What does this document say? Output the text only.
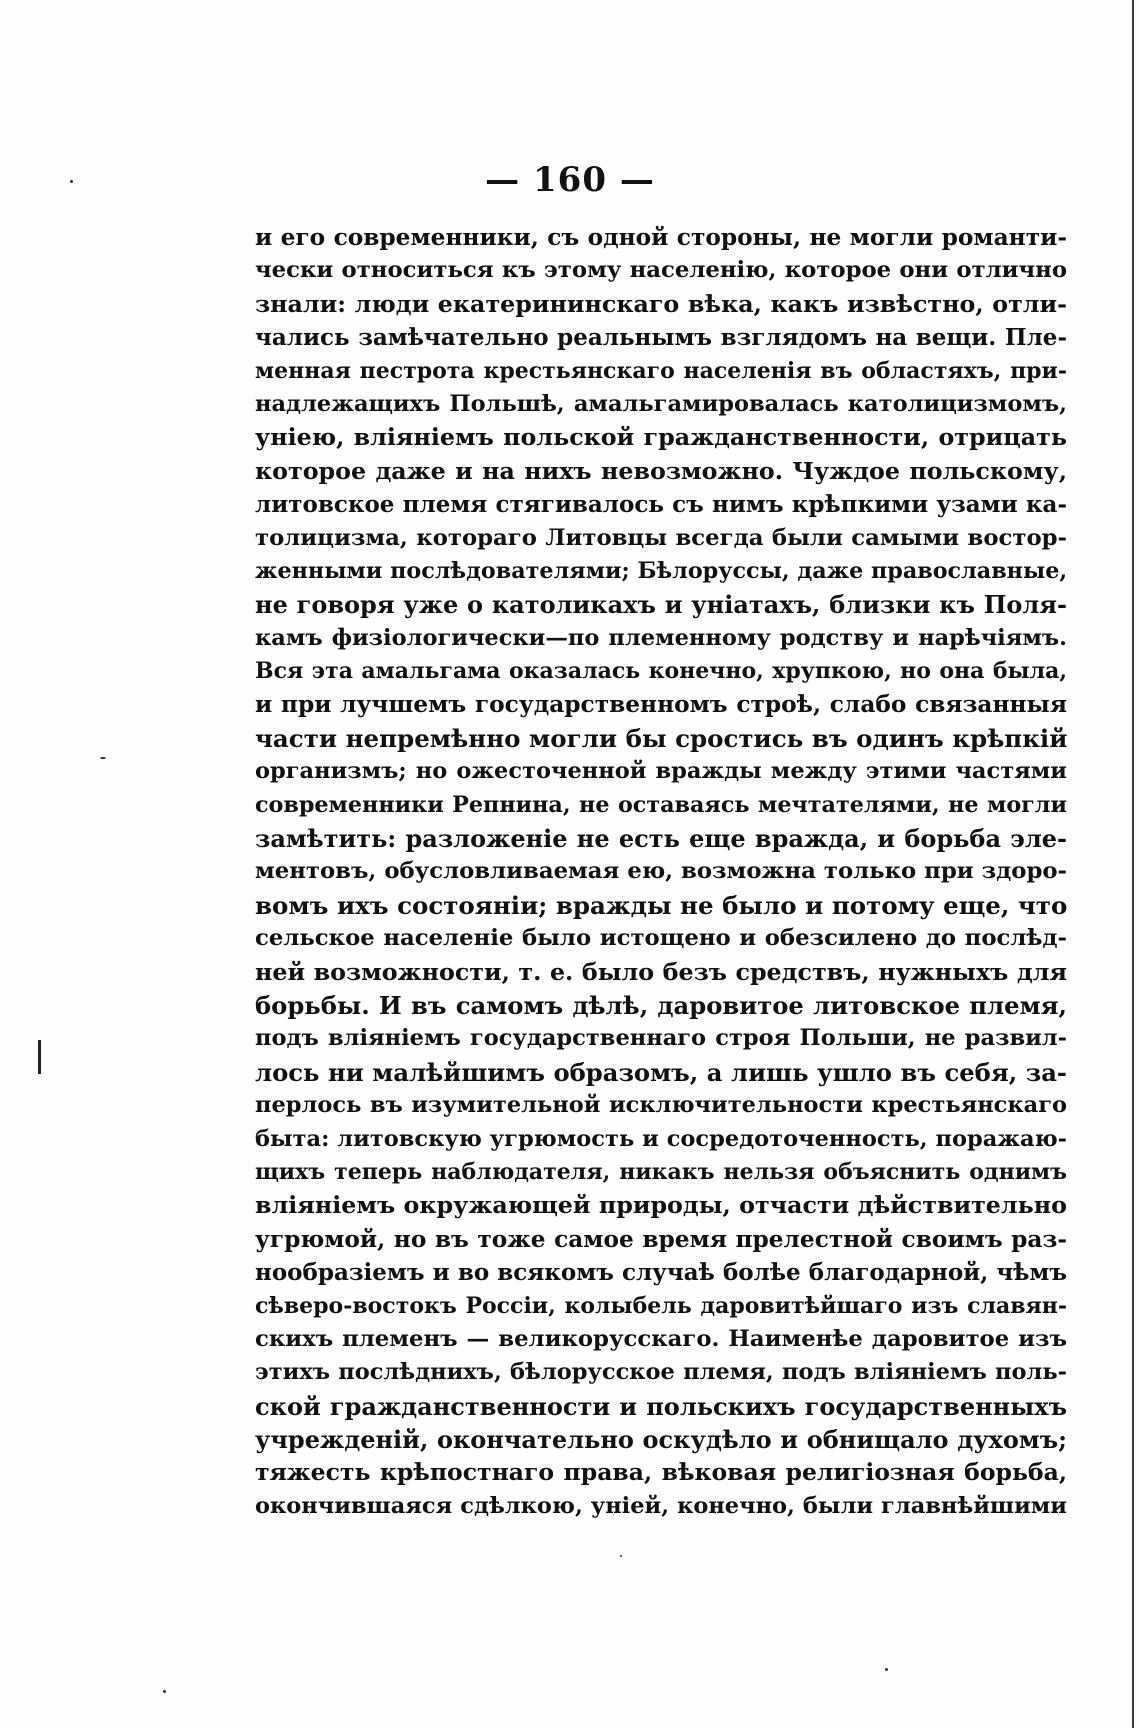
— 160 —
и его современники, съ одной стороны, не могли романти-
чески относиться къ этому населенію, которое они отлично
знали: люди екатерининскаго вѣка, какъ извѣстно, отли-
чались замѣчательно реальнымъ взглядомъ на вещи. Пле-
менная пестрота крестьянскаго населенія въ областяхъ, при-
надлежащихъ Польшѣ, амальгамировалась католицизмомъ,
уніею, вліяніемъ польской гражданственности, отрицать
которое даже и на нихъ невозможно. Чуждое польскому,
литовское племя стягивалось съ нимъ крѣпкими узами ка-
толицизма, котораго Литовцы всегда были самыми востор-
женными послѣдователями; Бѣлоруссы, даже православные,
не говоря уже о католикахъ и уніатахъ, близки къ Поля-
камъ физіологически—по племенному родству и нарѣчіямъ.
Вся эта амальгама оказалась конечно, хрупкою, но она была,
и при лучшемъ государственномъ строѣ, слабо связанныя
части непремѣнно могли бы сростись въ одинъ крѣпкій
организмъ; но ожесточенной вражды между этими частями
современники Репнина, не оставаясь мечтателями, не могли
замѣтить: разложеніе не есть еще вражда, и борьба эле-
ментовъ, обусловливаемая ею, возможна только при здоро-
вомъ ихъ состояніи; вражды не было и потому еще, что
сельское населеніе было истощено и обезсилено до послѣд-
ней возможности, т. е. было безъ средствъ, нужныхъ для
борьбы. И въ самомъ дѣлѣ, даровитое литовское племя,
подъ вліяніемъ государственнаго строя Польши, не развил-
лось ни малѣйшимъ образомъ, а лишь ушло въ себя, за-
перлось въ изумительной исключительности крестьянскаго
быта: литовскую угрюмость и сосредоточенность, поражаю-
щихъ теперь наблюдателя, никакъ нельзя объяснить однимъ
вліяніемъ окружающей природы, отчасти дѣйствительно
угрюмой, но въ тоже самое время прелестной своимъ раз-
нообразіемъ и во всякомъ случаѣ болѣе благодарной, чѣмъ
сѣверо-востокъ Россіи, колыбель даровитѣйшаго изъ славян-
скихъ племенъ — великорусскаго. Наименѣе даровитое изъ
этихъ послѣднихъ, бѣлорусское племя, подъ вліяніемъ поль-
ской гражданственности и польскихъ государственныхъ
учрежденій, окончательно оскудѣло и обнищало духомъ;
тяжесть крѣпостнаго права, вѣковая религіозная борьба,
окончившаяся сдѣлкою, уніей, конечно, были главнѣйшими
